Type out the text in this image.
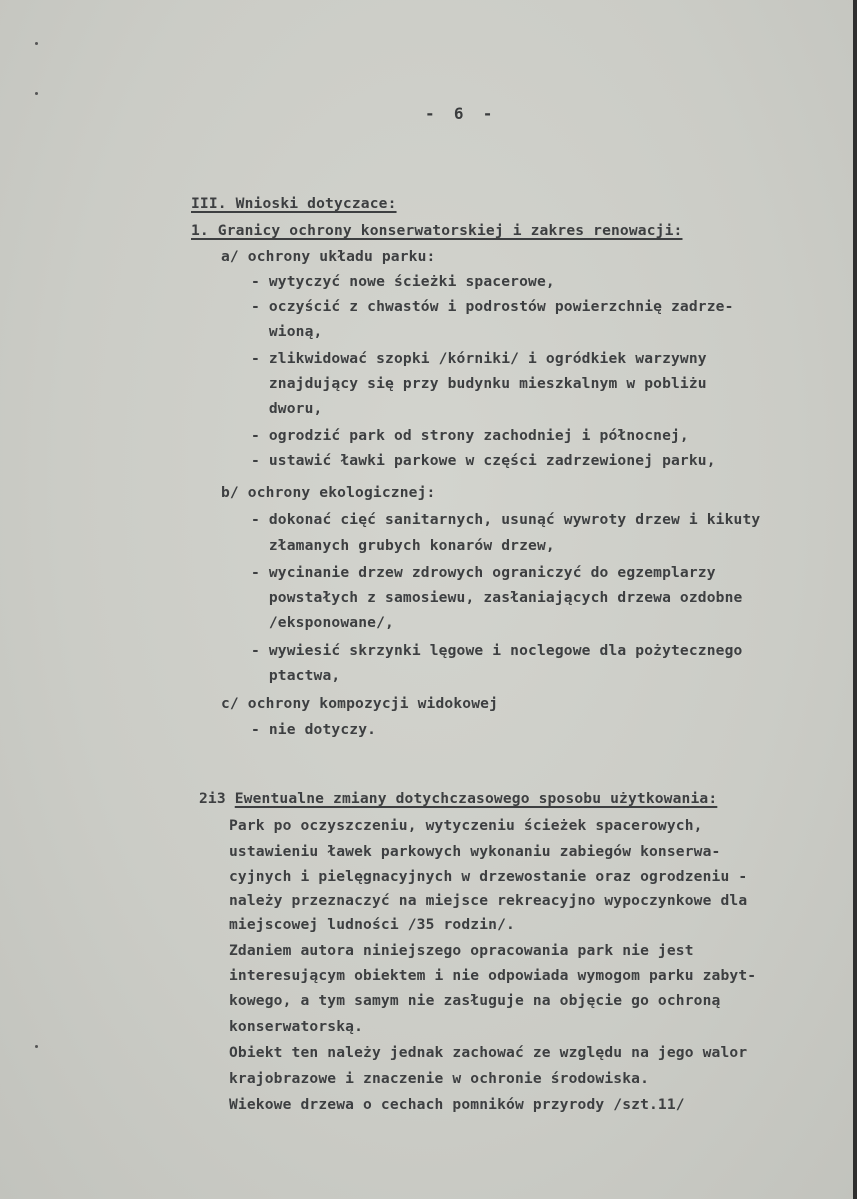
-  6  -
III. Wnioski dotyczace:
1. Granicy ochrony konserwatorskiej i zakres renowacji:
a/ ochrony układu parku:
- wytyczyć nowe ścieżki spacerowe,
- oczyścić z chwastów i podrostów powierzchnię zadrze-
wioną,
- zlikwidować szopki /kórniki/ i ogródkiek warzywny
znajdujący się przy budynku mieszkalnym w pobliżu
dworu,
- ogrodzić park od strony zachodniej i północnej,
- ustawić ławki parkowe w części zadrzewionej parku,
b/ ochrony ekologicznej:
- dokonać cięć sanitarnych, usunąć wywroty drzew i kikuty
złamanych grubych konarów drzew,
- wycinanie drzew zdrowych ograniczyć do egzemplarzy
powstałych z samosiewu, zasłaniających drzewa ozdobne
/eksponowane/,
- wywiesić skrzynki lęgowe i noclegowe dla pożytecznego
ptactwa,
c/ ochrony kompozycji widokowej
- nie dotyczy.
2i3 Ewentualne zmiany dotychczasowego sposobu użytkowania:
Park po oczyszczeniu, wytyczeniu ścieżek spacerowych,
ustawieniu ławek parkowych wykonaniu zabiegów konserwa-
cyjnych i pielęgnacyjnych w drzewostanie oraz ogrodzeniu -
należy przeznaczyć na miejsce rekreacyjno wypoczynkowe dla
miejscowej ludności /35 rodzin/.
Zdaniem autora niniejszego opracowania park nie jest
interesującym obiektem i nie odpowiada wymogom parku zabyt-
kowego, a tym samym nie zasługuje na objęcie go ochroną
konserwatorską.
Obiekt ten należy jednak zachować ze względu na jego walor
krajobrazowe i znaczenie w ochronie środowiska.
Wiekowe drzewa o cechach pomników przyrody /szt.11/
